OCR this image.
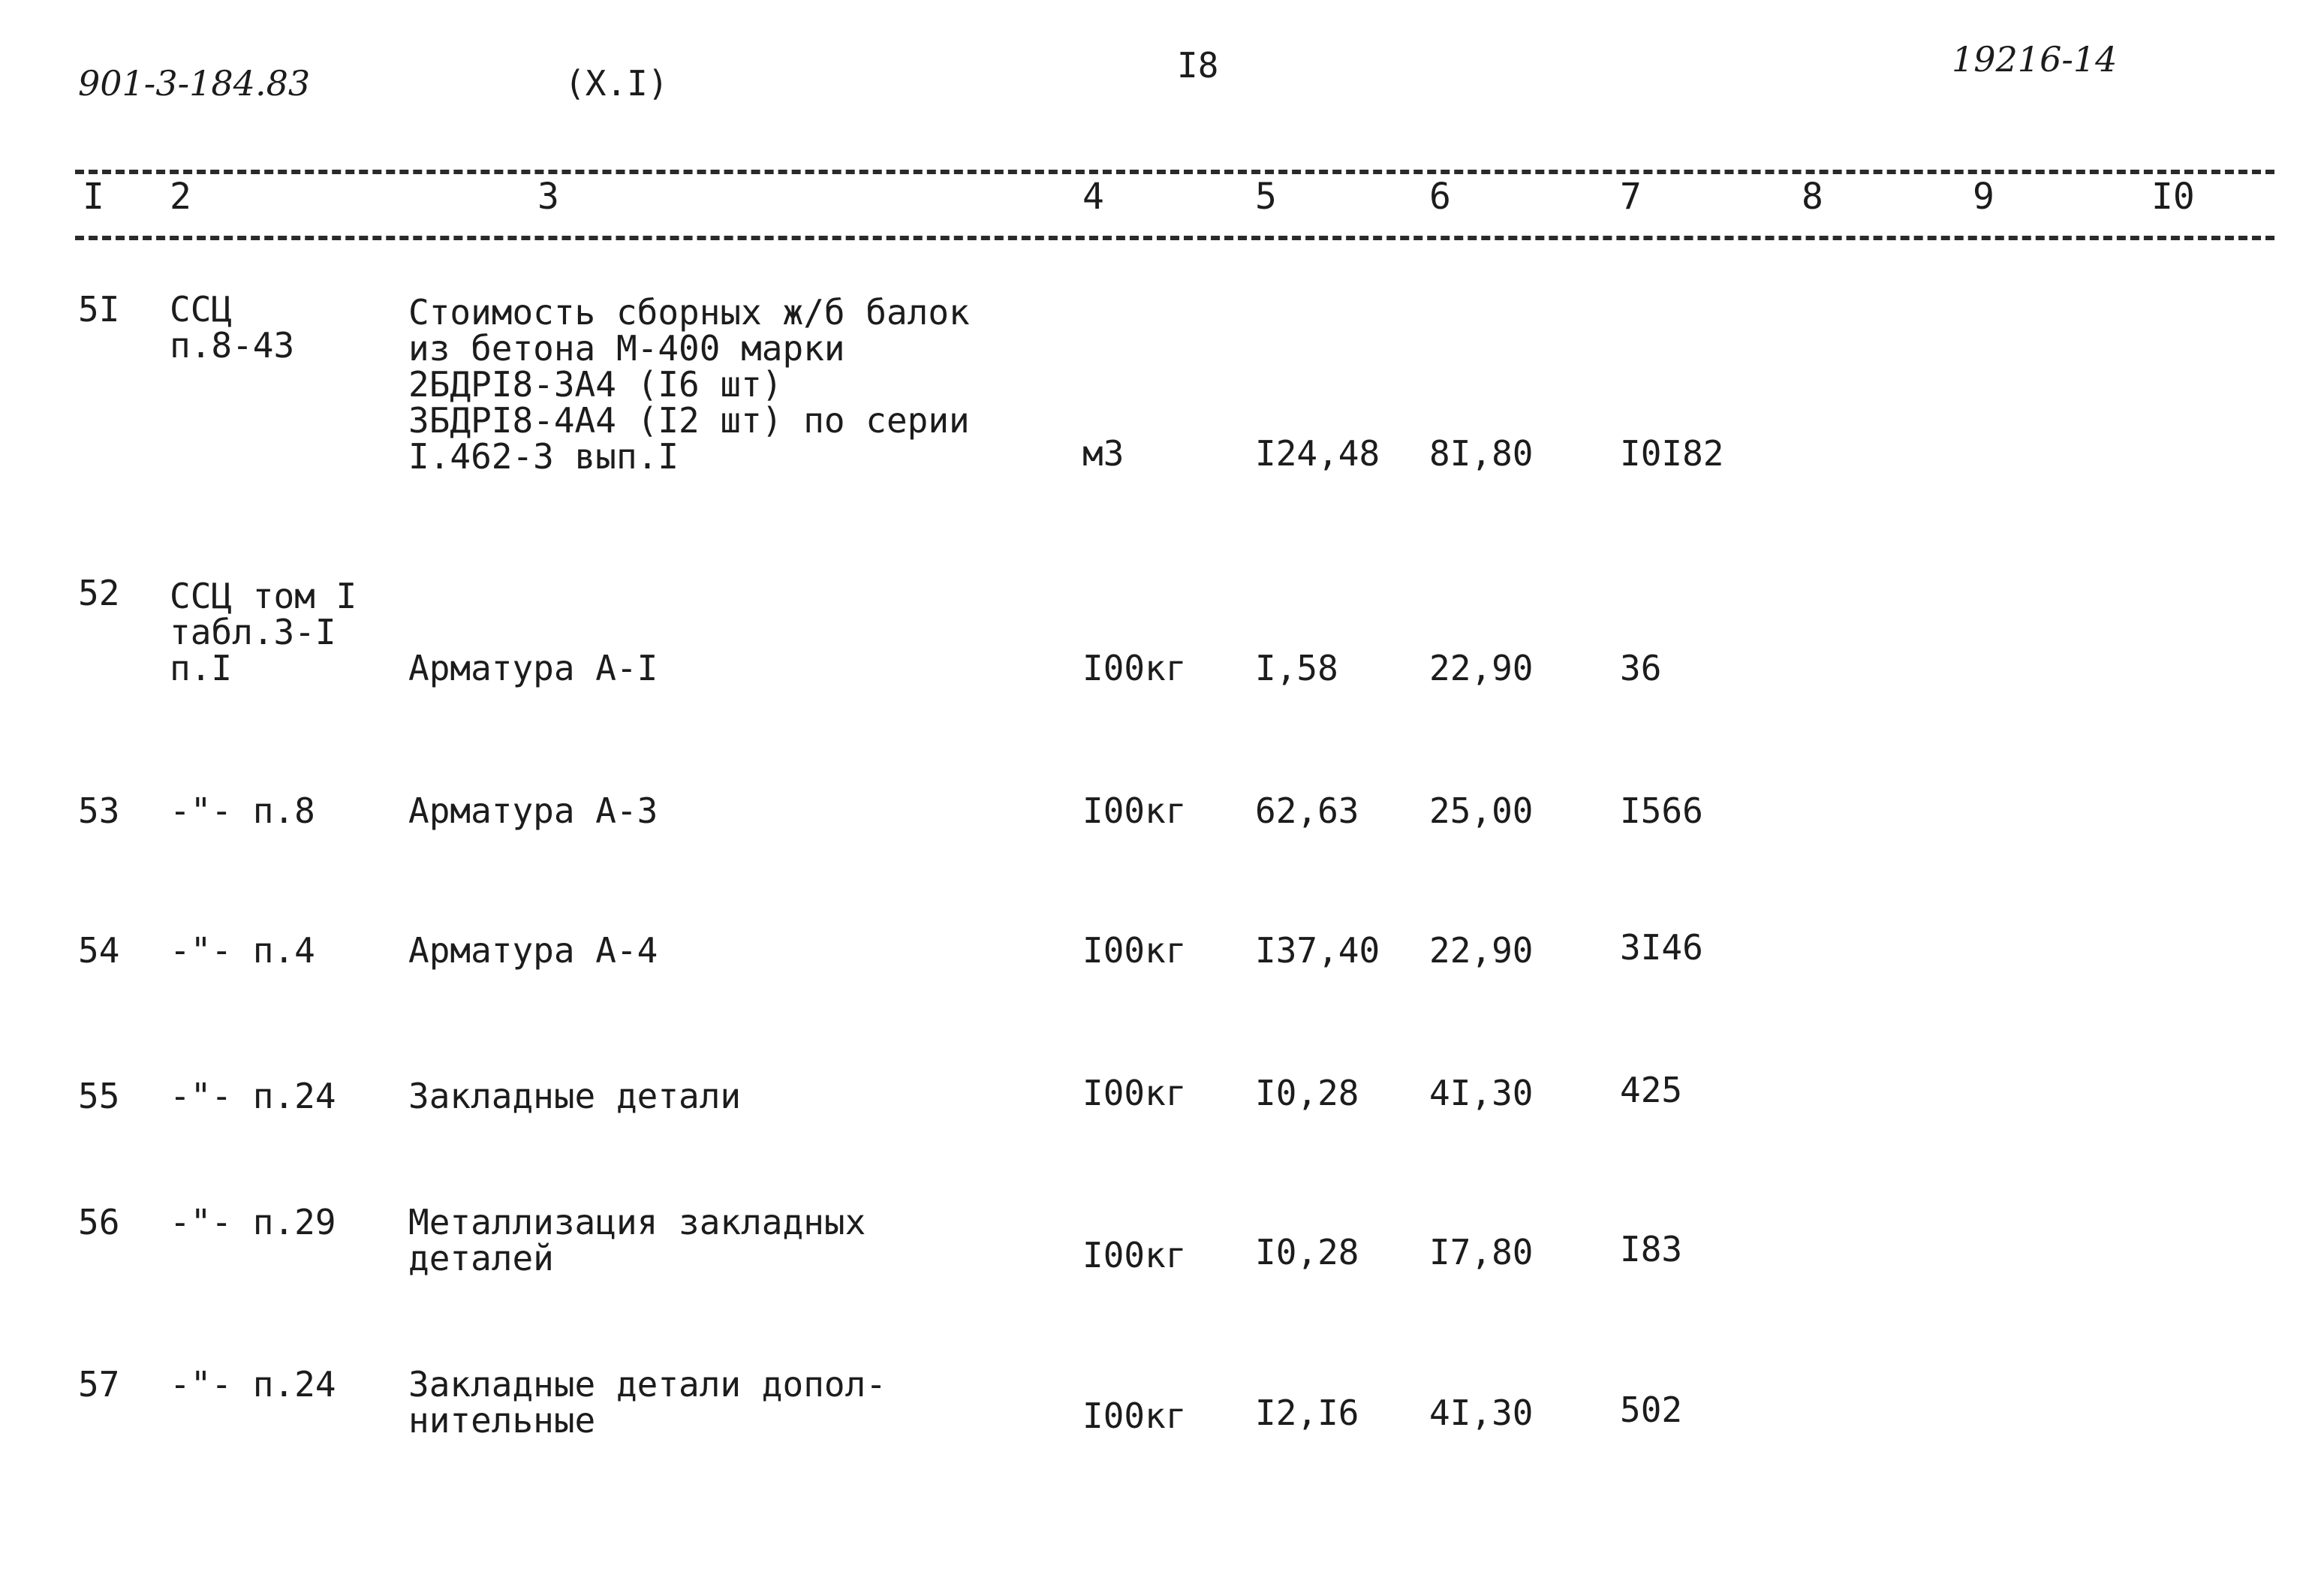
901-3-184.83	(X.I)	I8	19216-14
I 2	3	4	5	6	7	8	9	I0
5I ССЦ
п.8-43
Стоимость сборных ж/б балок
из бетона М-400 марки
2БДРI8-3А4 (I6 шт)
3БДРI8-4А4 (I2 шт) по серии
I.462-3 вып.I	м3	I24,48 8I,80	I0I82
52 ССЦ том I
табл.3-I
п.I	Арматура А-I	I00кг I,58	22,90	36
53 -"- п.8	Арматура А-3	I00кг 62,63 25,00	I566
54 -"- п.4	Арматура А-4	I00кг I37,40 22,90	3I46
55 -"- п.24 Закладные детали	I00кг I0,28 4I,30	425
56 -"- п.29 Металлизация закладных
деталей	I00кг I0,28 I7,80	I83
57 -"- п.24 Закладные детали допол-
нительные	I00кг I2,I6 4I,30	502
